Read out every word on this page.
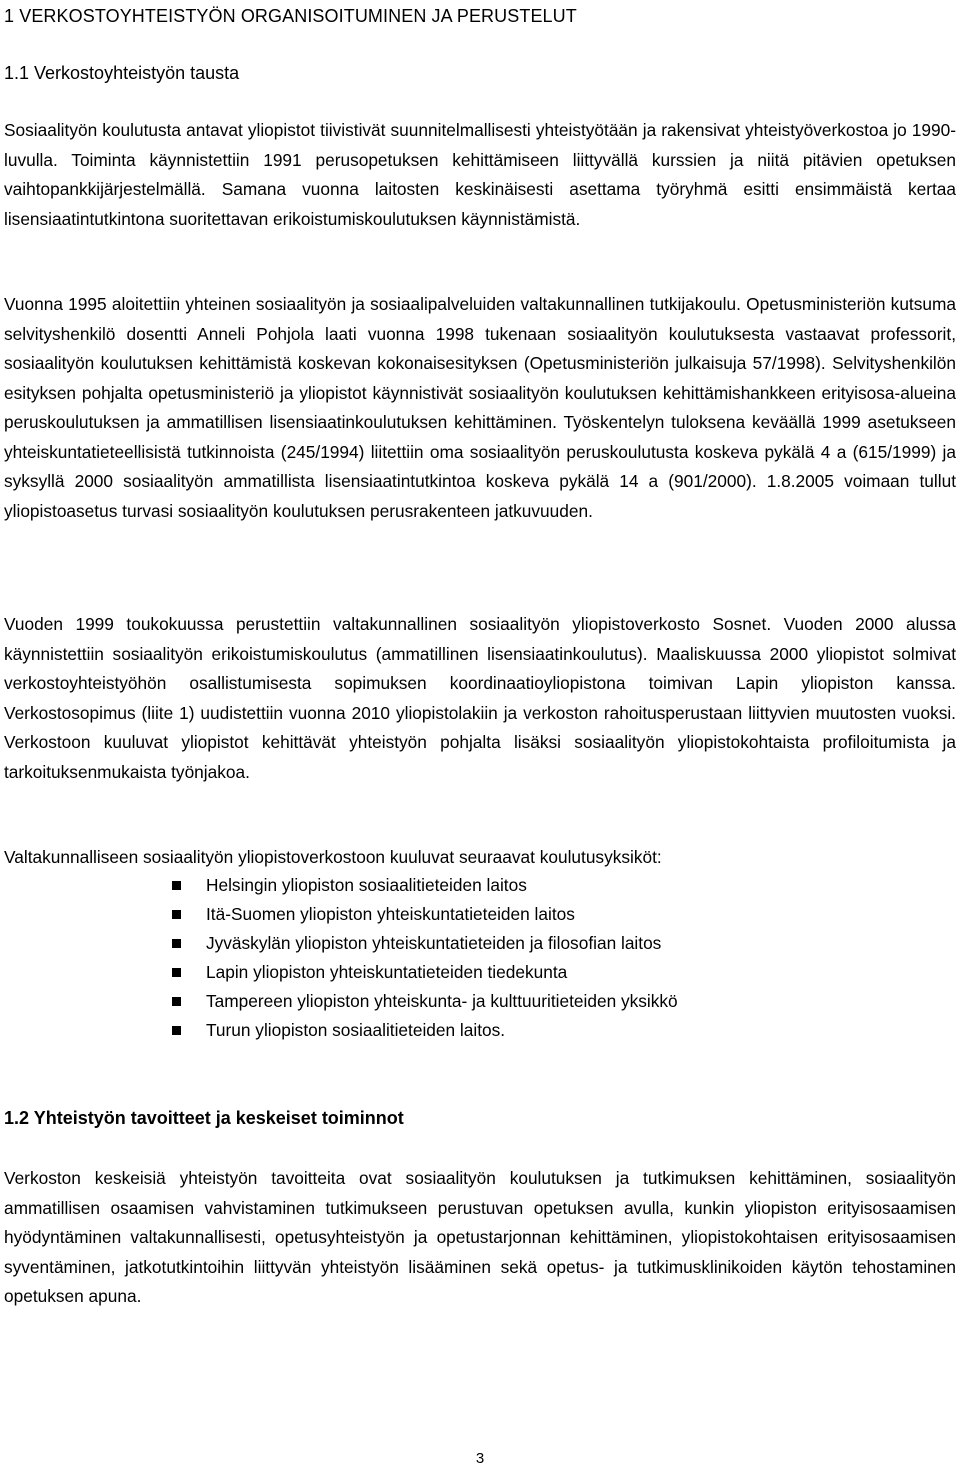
1 VERKOSTOYHTEISTYÖN ORGANISOITUMINEN JA PERUSTELUT
1.1 Verkostoyhteistyön tausta

Sosiaalityön koulutusta antavat yliopistot tiivistivät suunnitelmallisesti yhteistyötään ja rakensivat yhteistyöverkostoa jo 1990-luvulla. Toiminta käynnistettiin 1991 perusopetuksen kehittämiseen liittyvällä kurssien ja niitä pitävien opetuksen vaihtopankkijärjestelmällä. Samana vuonna laitosten keskinäisesti asettama työryhmä esitti ensimmäistä kertaa lisensiaatintutkintona suoritettavan erikoistumiskoulutuksen käynnistämistä.

Vuonna 1995 aloitettiin yhteinen sosiaalityön ja sosiaalipalveluiden valtakunnallinen tutkijakoulu. Opetusministeriön kutsuma selvityshenkilö dosentti Anneli Pohjola laati vuonna 1998 tukenaan sosiaalityön koulutuksesta vastaavat professorit, sosiaalityön koulutuksen kehittämistä koskevan kokonaisesityksen (Opetusministeriön julkaisuja 57/1998). Selvityshenkilön esityksen pohjalta opetusministeriö ja yliopistot käynnistivät sosiaalityön koulutuksen kehittämishankkeen erityisosa-alueina peruskoulutuksen ja ammatillisen lisensiaatinkoulutuksen kehittäminen. Työskentelyn tuloksena keväällä 1999 asetukseen yhteiskuntatieteellisistä tutkinnoista (245/1994) liitettiin oma sosiaalityön peruskoulutusta koskeva pykälä 4 a (615/1999) ja syksyllä 2000 sosiaalityön ammatillista lisensiaatintutkintoa koskeva pykälä 14 a (901/2000). 1.8.2005 voimaan tullut yliopistoasetus turvasi sosiaalityön koulutuksen perusrakenteen jatkuvuuden.

Vuoden 1999 toukokuussa perustettiin valtakunnallinen sosiaalityön yliopistoverkosto Sosnet. Vuoden 2000 alussa käynnistettiin sosiaalityön erikoistumiskoulutus (ammatillinen lisensiaatinkoulutus). Maaliskuussa 2000 yliopistot solmivat verkostoyhteistyöhön osallistumisesta sopimuksen koordinaatioyliopistona toimivan Lapin yliopiston kanssa. Verkostosopimus (liite 1) uudistettiin vuonna 2010 yliopistolakiin ja verkoston rahoitusperustaan liittyvien muutosten vuoksi. Verkostoon kuuluvat yliopistot kehittävät yhteistyön pohjalta lisäksi sosiaalityön yliopistokohtaista profiloitumista ja tarkoituksenmukaista työnjakoa.

Valtakunnalliseen sosiaalityön yliopistoverkostoon kuuluvat seuraavat koulutusyksiköt:

Helsingin yliopiston sosiaalitieteiden laitos
Itä-Suomen yliopiston yhteiskuntatieteiden laitos
Jyväskylän yliopiston yhteiskuntatieteiden ja filosofian laitos
Lapin yliopiston yhteiskuntatieteiden tiedekunta
Tampereen yliopiston yhteiskunta- ja kulttuuritieteiden yksikkö
Turun yliopiston sosiaalitieteiden laitos.
1.2 Yhteistyön tavoitteet ja keskeiset toiminnot

Verkoston keskeisiä yhteistyön tavoitteita ovat sosiaalityön koulutuksen ja tutkimuksen kehittäminen, sosiaalityön ammatillisen osaamisen vahvistaminen tutkimukseen perustuvan opetuksen avulla, kunkin yliopiston erityisosaamisen hyödyntäminen valtakunnallisesti, opetusyhteistyön ja opetustarjonnan kehittäminen, yliopistokohtaisen erityisosaamisen syventäminen, jatkotutkintoihin liittyvän yhteistyön lisääminen sekä opetus- ja tutkimusklinikoiden käytön tehostaminen opetuksen apuna.

3
